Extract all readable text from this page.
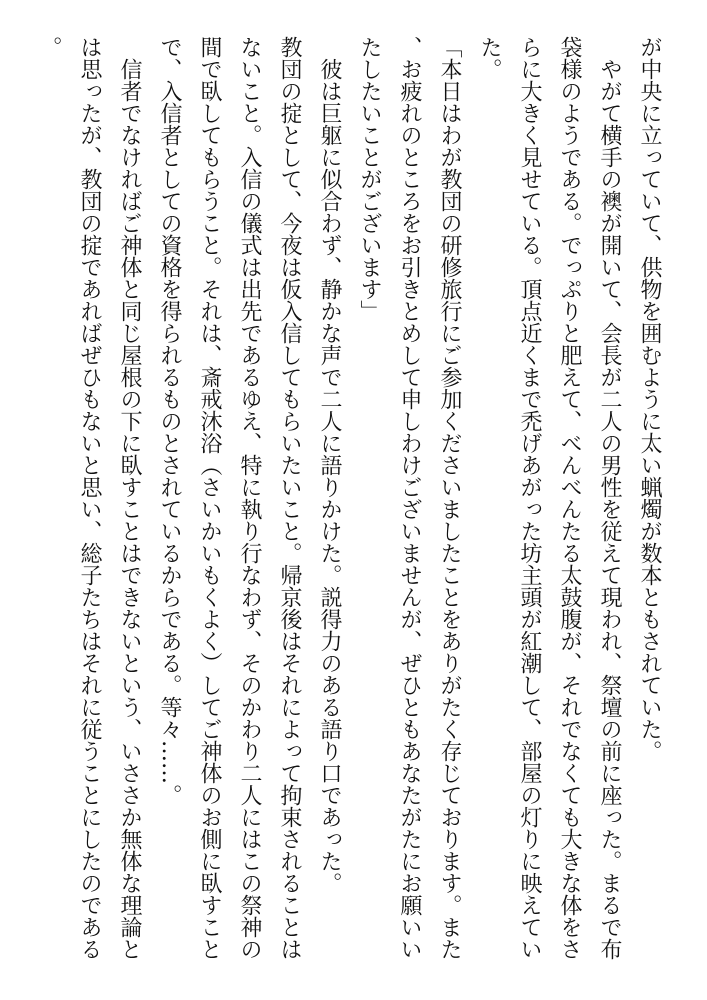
が中央に立っていて、供物を囲むように太い蝋燭が数本ともされていた。

やがて横手の襖が開いて、会長が二人の男性を従えて現われ、祭壇の前に座った。まるで布袋様のようである。でっぷりと肥えて、べんべんたる太鼓腹が、それでなくても大きな体をさらに大きく見せている。頂点近くまで禿げあがった坊主頭が紅潮して、部屋の灯りに映えていた。

「本日はわが教団の研修旅行にご参加くださいましたことをありがたく存じております。また、お疲れのところをお引きとめして申しわけございませんが、ぜひともあなたがたにお願いいたしたいことがございます」

彼は巨躯に似合わず、静かな声で二人に語りかけた。説得力のある語り口であった。

教団の掟として、今夜は仮入信してもらいたいこと。帰京後はそれによって拘束されることはないこと。入信の儀式は出先であるゆえ、特に執り行なわず、そのかわり二人にはこの祭神の間で臥してもらうこと。それは、斎戒沐浴（さいかいもくよく）してご神体のお側に臥すことで、入信者としての資格を得られるものとされているからである。等々……。

信者でなければご神体と同じ屋根の下に臥すことはできないという、いささか無体な理論とは思ったが、教団の掟であればぜひもないと思い、総子たちはそれに従うことにしたのである。
